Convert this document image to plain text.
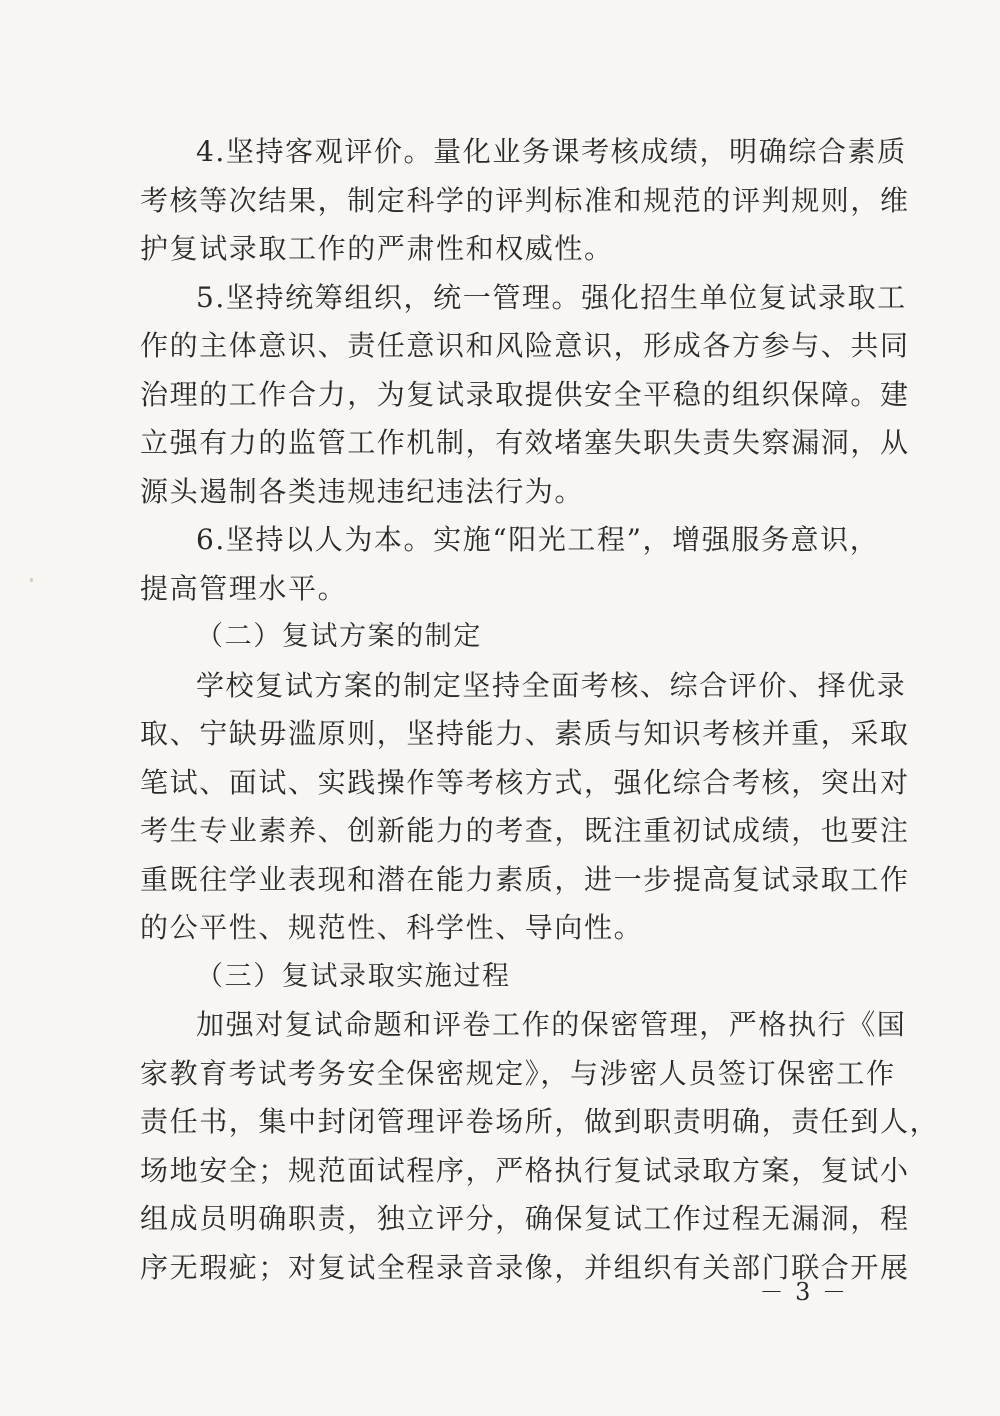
4.坚持客观评价。量化业务课考核成绩，明确综合素质
考核等次结果，制定科学的评判标准和规范的评判规则，维
护复试录取工作的严肃性和权威性。
5.坚持统筹组织，统一管理。强化招生单位复试录取工
作的主体意识、责任意识和风险意识，形成各方参与、共同
治理的工作合力，为复试录取提供安全平稳的组织保障。建
立强有力的监管工作机制，有效堵塞失职失责失察漏洞，从
源头遏制各类违规违纪违法行为。
6.坚持以人为本。实施“阳光工程”，增强服务意识，
提高管理水平。
（二）复试方案的制定
学校复试方案的制定坚持全面考核、综合评价、择优录
取、宁缺毋滥原则，坚持能力、素质与知识考核并重，采取
笔试、面试、实践操作等考核方式，强化综合考核，突出对
考生专业素养、创新能力的考查，既注重初试成绩，也要注
重既往学业表现和潜在能力素质，进一步提高复试录取工作
的公平性、规范性、科学性、导向性。
（三）复试录取实施过程
加强对复试命题和评卷工作的保密管理，严格执行《国
家教育考试考务安全保密规定》，与涉密人员签订保密工作
责任书，集中封闭管理评卷场所，做到职责明确，责任到人，
场地安全；规范面试程序，严格执行复试录取方案，复试小
组成员明确职责，独立评分，确保复试工作过程无漏洞，程
序无瑕疵；对复试全程录音录像，并组织有关部门联合开展
－ 3 －
